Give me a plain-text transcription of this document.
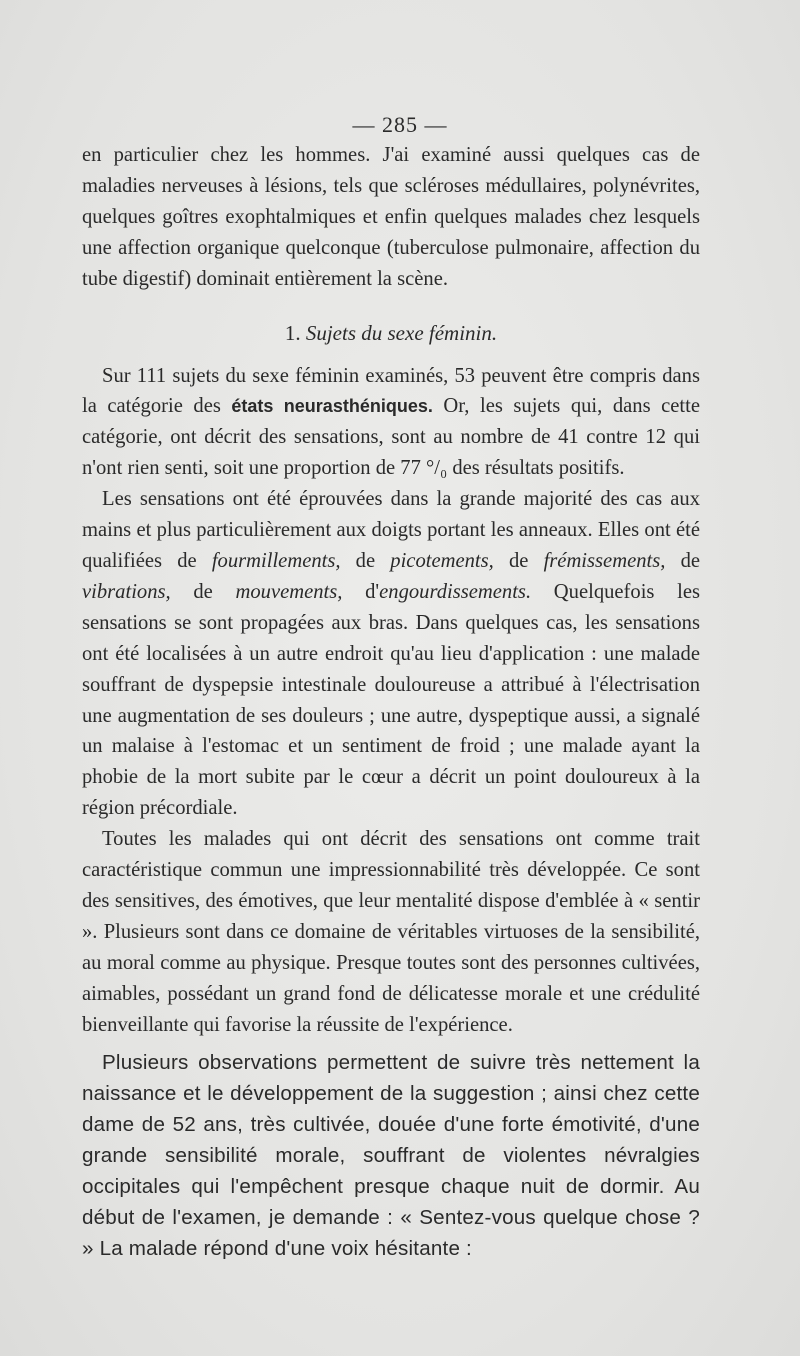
— 285 —

en particulier chez les hommes. J'ai examiné aussi quelques cas de maladies nerveuses à lésions, tels que scléroses médullaires, polynévrites, quelques goîtres exophtalmiques et enfin quelques malades chez lesquels une affection organique quelconque (tuberculose pulmonaire, affection du tube digestif) dominait entièrement la scène.

1. Sujets du sexe féminin.

Sur 111 sujets du sexe féminin examinés, 53 peuvent être compris dans la catégorie des états neurasthéniques. Or, les sujets qui, dans cette catégorie, ont décrit des sensations, sont au nombre de 41 contre 12 qui n'ont rien senti, soit une proportion de 77 °/₀ des résultats positifs.

Les sensations ont été éprouvées dans la grande majorité des cas aux mains et plus particulièrement aux doigts portant les anneaux. Elles ont été qualifiées de fourmillements, de picotements, de frémissements, de vibrations, de mouvements, d'engourdissements. Quelquefois les sensations se sont propagées aux bras. Dans quelques cas, les sensations ont été localisées à un autre endroit qu'au lieu d'application : une malade souffrant de dyspepsie intestinale douloureuse a attribué à l'électrisation une augmentation de ses douleurs ; une autre, dyspeptique aussi, a signalé un malaise à l'estomac et un sentiment de froid ; une malade ayant la phobie de la mort subite par le cœur a décrit un point douloureux à la région précordiale.

Toutes les malades qui ont décrit des sensations ont comme trait caractéristique commun une impressionnabilité très développée. Ce sont des sensitives, des émotives, que leur mentalité dispose d'emblée à « sentir ». Plusieurs sont dans ce domaine de véritables virtuoses de la sensibilité, au moral comme au physique. Presque toutes sont des personnes cultivées, aimables, possédant un grand fond de délicatesse morale et une crédulité bienveillante qui favorise la réussite de l'expérience.

Plusieurs observations permettent de suivre très nettement la naissance et le développement de la suggestion ; ainsi chez cette dame de 52 ans, très cultivée, douée d'une forte émotivité, d'une grande sensibilité morale, souffrant de violentes névralgies occipitales qui l'empêchent presque chaque nuit de dormir. Au début de l'examen, je demande : « Sentez-vous quelque chose ? » La malade répond d'une voix hésitante :
